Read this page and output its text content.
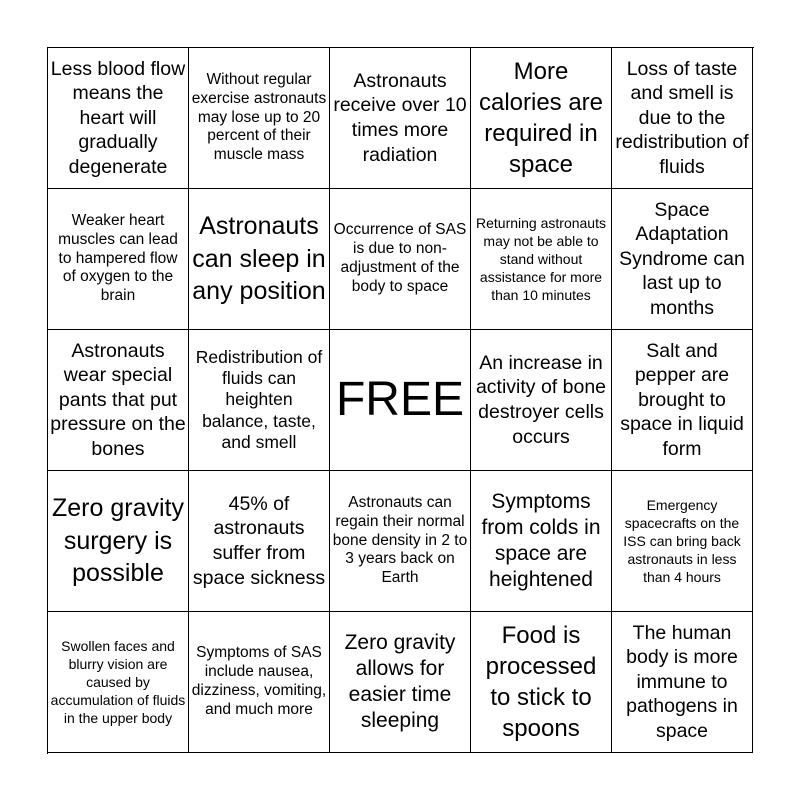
Less blood flow means the heart will gradually degenerate
Without regular exercise astronauts may lose up to 20 percent of their muscle mass
Astronauts receive over 10 times more radiation
More calories are required in space
Loss of taste and smell is due to the redistribution of fluids
Weaker heart muscles can lead to hampered flow of oxygen to the brain
Astronauts can sleep in any position
Occurrence of SAS is due to non-adjustment of the body to space
Returning astronauts may not be able to stand without assistance for more than 10 minutes
Space Adaptation Syndrome can last up to months
Astronauts wear special pants that put pressure on the bones
Redistribution of fluids can heighten balance, taste, and smell
FREE
An increase in activity of bone destroyer cells occurs
Salt and pepper are brought to space in liquid form
Zero gravity surgery is possible
45% of astronauts suffer from space sickness
Astronauts can regain their normal bone density in 2 to 3 years back on Earth
Symptoms from colds in space are heightened
Emergency spacecrafts on the ISS can bring back astronauts in less than 4 hours
Swollen faces and blurry vision are caused by accumulation of fluids in the upper body
Symptoms of SAS include nausea, dizziness, vomiting, and much more
Zero gravity allows for easier time sleeping
Food is processed to stick to spoons
The human body is more immune to pathogens in space
